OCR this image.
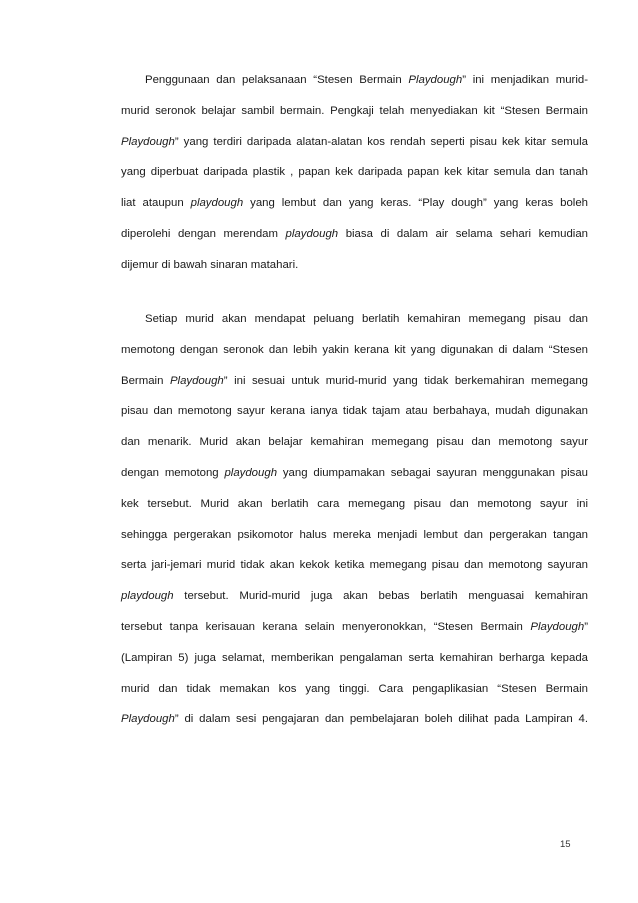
Penggunaan dan pelaksanaan “Stesen Bermain Playdough” ini menjadikan murid-
murid seronok belajar sambil bermain. Pengkaji telah menyediakan kit “Stesen Bermain
Playdough” yang terdiri daripada alatan-alatan kos rendah seperti pisau kek kitar semula
yang diperbuat daripada plastik , papan kek daripada papan kek kitar semula dan tanah
liat ataupun playdough yang lembut dan yang keras. “Play dough” yang keras boleh
diperolehi dengan merendam playdough biasa di dalam air selama sehari kemudian
dijemur di bawah sinaran matahari.
Setiap murid akan mendapat peluang berlatih kemahiran memegang pisau dan
memotong dengan seronok dan lebih yakin kerana kit yang digunakan di dalam “Stesen
Bermain Playdough” ini sesuai untuk murid-murid yang tidak berkemahiran memegang
pisau dan memotong sayur kerana ianya tidak tajam atau berbahaya, mudah digunakan
dan menarik. Murid akan belajar kemahiran memegang pisau dan memotong sayur
dengan memotong playdough yang diumpamakan sebagai sayuran menggunakan pisau
kek tersebut. Murid akan berlatih cara memegang pisau dan memotong sayur ini
sehingga pergerakan psikomotor halus mereka menjadi lembut dan pergerakan tangan
serta jari-jemari murid tidak akan kekok ketika memegang pisau dan memotong sayuran
playdough tersebut. Murid-murid juga akan bebas berlatih menguasai kemahiran
tersebut tanpa kerisauan kerana selain menyeronokkan, “Stesen Bermain Playdough”
(Lampiran 5) juga selamat, memberikan pengalaman serta kemahiran berharga kepada
murid dan tidak memakan kos yang tinggi. Cara pengaplikasian “Stesen Bermain
Playdough” di dalam sesi pengajaran dan pembelajaran boleh dilihat pada Lampiran 4.
15
